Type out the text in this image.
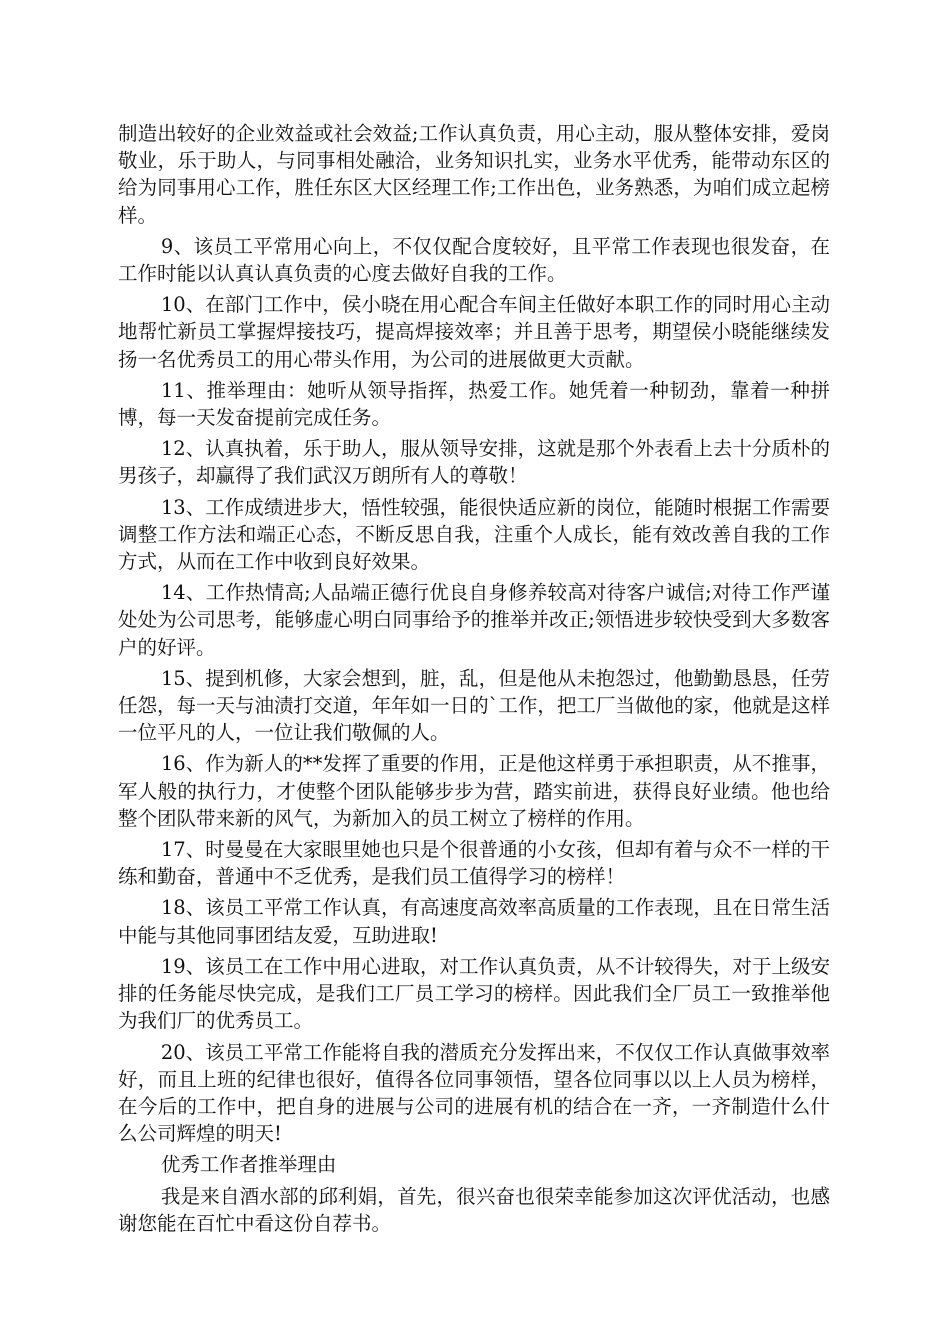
制造出较好的企业效益或社会效益;工作认真负责，用心主动，服从整体安排，爱岗敬业，乐于助人，与同事相处融洽，业务知识扎实，业务水平优秀，能带动东区的给为同事用心工作，胜任东区大区经理工作;工作出色，业务熟悉，为咱们成立起榜样。

9、该员工平常用心向上，不仅仅配合度较好，且平常工作表现也很发奋，在工作时能以认真认真负责的心度去做好自我的工作。

10、在部门工作中，侯小晓在用心配合车间主任做好本职工作的同时用心主动地帮忙新员工掌握焊接技巧，提高焊接效率；并且善于思考，期望侯小晓能继续发扬一名优秀员工的用心带头作用，为公司的进展做更大贡献。

11、推举理由：她听从领导指挥，热爱工作。她凭着一种韧劲，靠着一种拼博，每一天发奋提前完成任务。

12、认真执着，乐于助人，服从领导安排，这就是那个外表看上去十分质朴的男孩子，却赢得了我们武汉万朗所有人的尊敬！

13、工作成绩进步大，悟性较强，能很快适应新的岗位，能随时根据工作需要调整工作方法和端正心态，不断反思自我，注重个人成长，能有效改善自我的工作方式，从而在工作中收到良好效果。

14、工作热情高;人品端正德行优良自身修养较高对待客户诚信;对待工作严谨处处为公司思考，能够虚心明白同事给予的推举并改正;领悟进步较快受到大多数客户的好评。

15、提到机修，大家会想到，脏，乱，但是他从未抱怨过，他勤勤恳恳，任劳任怨，每一天与油渍打交道，年年如一日的`工作，把工厂当做他的家，他就是这样一位平凡的人，一位让我们敬佩的人。

16、作为新人的**发挥了重要的作用，正是他这样勇于承担职责，从不推事，军人般的执行力，才使整个团队能够步步为营，踏实前进，获得良好业绩。他也给整个团队带来新的风气，为新加入的员工树立了榜样的作用。

17、时曼曼在大家眼里她也只是个很普通的小女孩，但却有着与众不一样的干练和勤奋，普通中不乏优秀，是我们员工值得学习的榜样！

18、该员工平常工作认真，有高速度高效率高质量的工作表现，且在日常生活中能与其他同事团结友爱，互助进取!

19、该员工在工作中用心进取，对工作认真负责，从不计较得失，对于上级安排的任务能尽快完成，是我们工厂员工学习的榜样。因此我们全厂员工一致推举他为我们厂的优秀员工。

20、该员工平常工作能将自我的潜质充分发挥出来，不仅仅工作认真做事效率好，而且上班的纪律也很好，值得各位同事领悟，望各位同事以以上人员为榜样，在今后的工作中，把自身的进展与公司的进展有机的结合在一齐，一齐制造什么什么公司辉煌的明天!

优秀工作者推举理由

我是来自酒水部的邱利娟，首先，很兴奋也很荣幸能参加这次评优活动，也感谢您能在百忙中看这份自荐书。
